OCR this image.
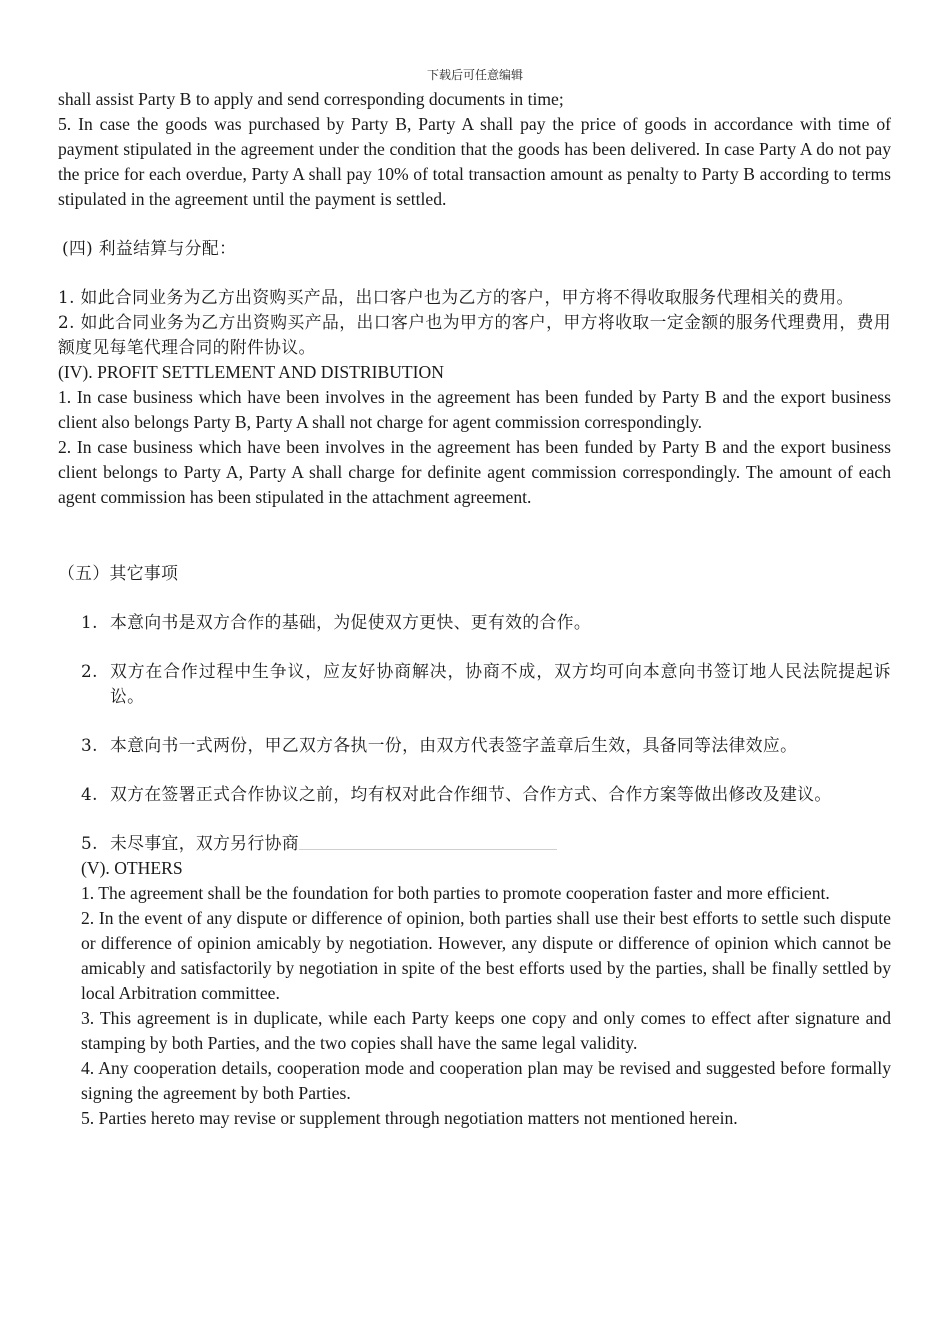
下载后可任意编辑

shall assist Party B to apply and send corresponding documents in time;

5. In case the goods was purchased by Party B, Party A shall pay the price of goods in accordance with time of payment stipulated in the agreement under the condition that the goods has been delivered. In case Party A do not pay the price for each overdue, Party A shall pay 10% of total transaction amount as penalty to Party B according to terms stipulated in the agreement until the payment is settled.

(四) 利益结算与分配：

1. 如此合同业务为乙方出资购买产品，出口客户也为乙方的客户，甲方将不得收取服务代理相关的费用。

2. 如此合同业务为乙方出资购买产品，出口客户也为甲方的客户，甲方将收取一定金额的服务代理费用，费用额度见每笔代理合同的附件协议。

(IV). PROFIT SETTLEMENT AND DISTRIBUTION

1. In case business which have been involves in the agreement has been funded by Party B and the export business client also belongs Party B, Party A shall not charge for agent commission correspondingly.

2. In case business which have been involves in the agreement has been funded by Party B and the export business client belongs to Party A, Party A shall charge for definite agent commission correspondingly. The amount of each agent commission has been stipulated in the attachment agreement.

（五）其它事项

1. 本意向书是双方合作的基础，为促使双方更快、更有效的合作。
2. 双方在合作过程中生争议，应友好协商解决，协商不成，双方均可向本意向书签订地人民法院提起诉讼。
3. 本意向书一式两份，甲乙双方各执一份，由双方代表签字盖章后生效，具备同等法律效应。
4. 双方在签署正式合作协议之前，均有权对此合作细节、合作方式、合作方案等做出修改及建议。
5. 未尽事宜，双方另行协商

(V). OTHERS

1. The agreement shall be the foundation for both parties to promote cooperation faster and more efficient.

2. In the event of any dispute or difference of opinion, both parties shall use their best efforts to settle such dispute or difference of opinion amicably by negotiation. However, any dispute or difference of opinion which cannot be amicably and satisfactorily by negotiation in spite of the best efforts used by the parties, shall be finally settled by local Arbitration committee.

3. This agreement is in duplicate, while each Party keeps one copy and only comes to effect after signature and stamping by both Parties, and the two copies shall have the same legal validity.

4. Any cooperation details, cooperation mode and cooperation plan may be revised and suggested before formally signing the agreement by both Parties.

5. Parties hereto may revise or supplement through negotiation matters not mentioned herein.
